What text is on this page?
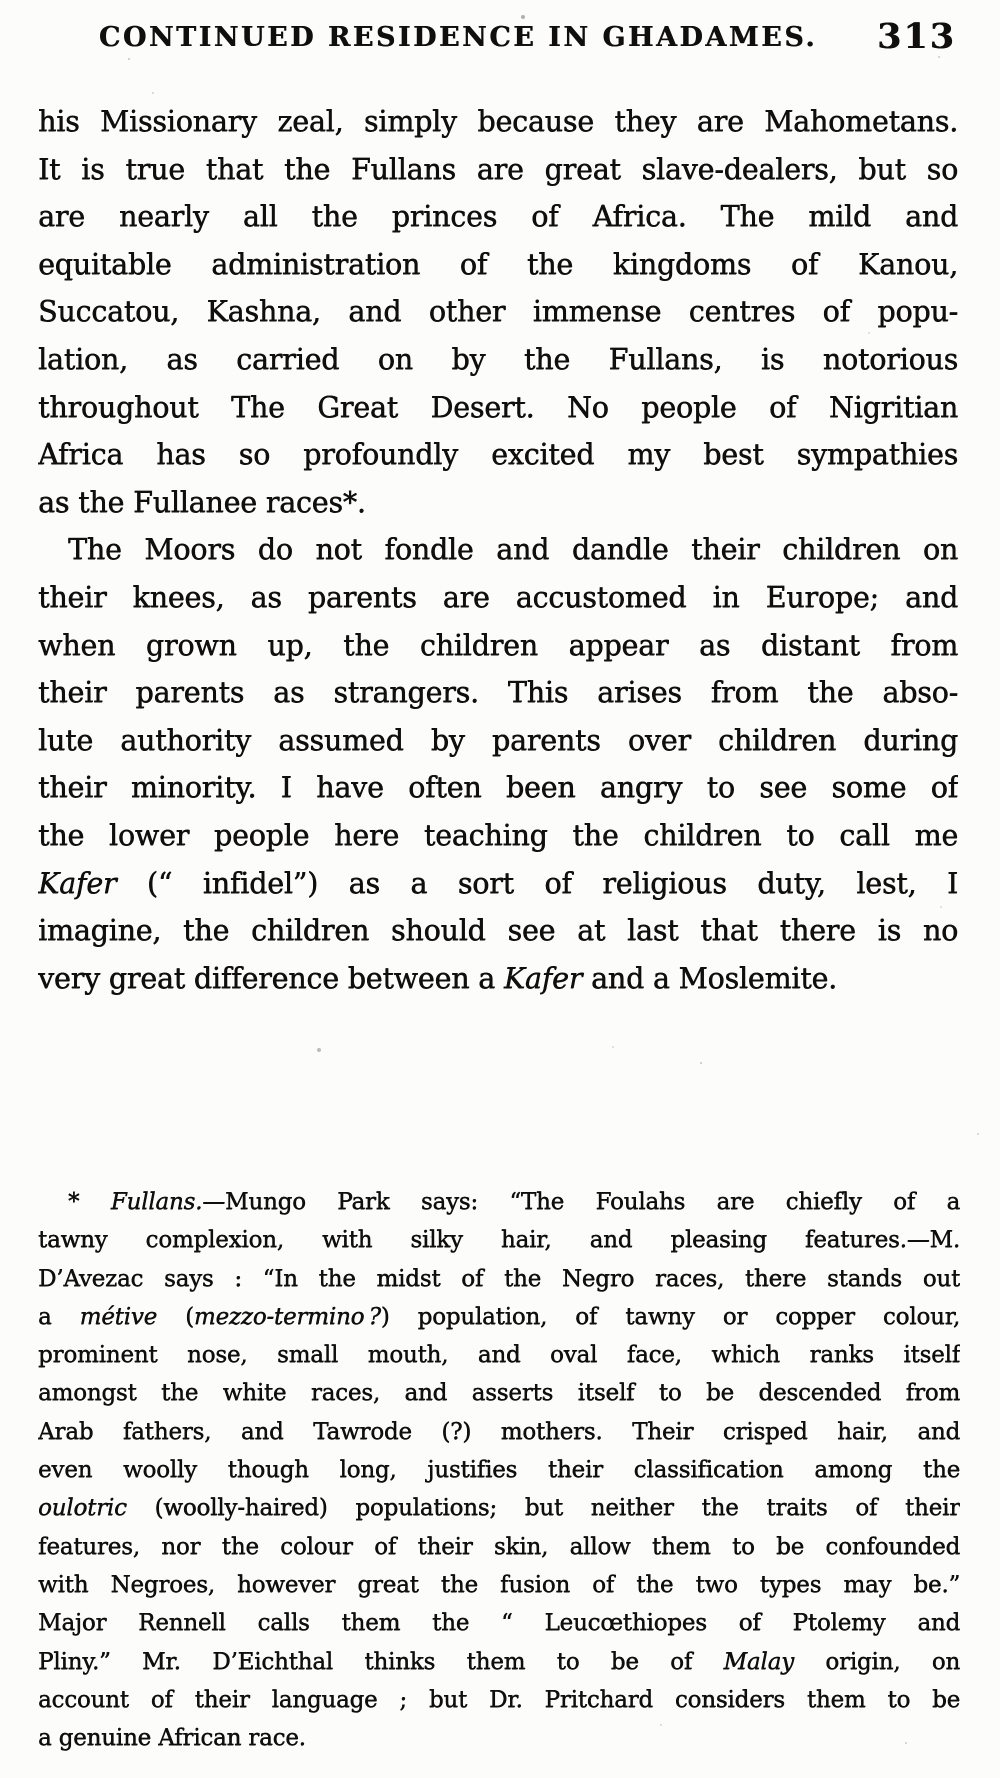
CONTINUED RESIDENCE IN GHADAMES.	313
his Missionary zeal, simply because they are Mahometans.
It is true that the Fullans are great slave-dealers, but so
are nearly all the princes of Africa. The mild and
equitable administration of the kingdoms of Kanou,
Succatou, Kashna, and other immense centres of popu-
lation, as carried on by the Fullans, is notorious
throughout The Great Desert. No people of Nigritian
Africa has so profoundly excited my best sympathies
as the Fullanee races*.
The Moors do not fondle and dandle their children on
their knees, as parents are accustomed in Europe; and
when grown up, the children appear as distant from
their parents as strangers. This arises from the abso-
lute authority assumed by parents over children during
their minority. I have often been angry to see some of
the lower people here teaching the children to call me
Kafer (“ infidel”) as a sort of religious duty, lest, I
imagine, the children should see at last that there is no
very great difference between a Kafer and a Moslemite.
* Fullans.—Mungo Park says: “The Foulahs are chiefly of a
tawny complexion, with silky hair, and pleasing features.—M.
D’Avezac says : “In the midst of the Negro races, there stands out
a métive (mezzo-termino ?) population, of tawny or copper colour,
prominent nose, small mouth, and oval face, which ranks itself
amongst the white races, and asserts itself to be descended from
Arab fathers, and Tawrode (?) mothers. Their crisped hair, and
even woolly though long, justifies their classification among the
oulotric (woolly-haired) populations; but neither the traits of their
features, nor the colour of their skin, allow them to be confounded
with Negroes, however great the fusion of the two types may be.”
Major Rennell calls them the “ Leucœthiopes of Ptolemy and
Pliny.” Mr. D’Eichthal thinks them to be of Malay origin, on
account of their language ; but Dr. Pritchard considers them to be
a genuine African race.
